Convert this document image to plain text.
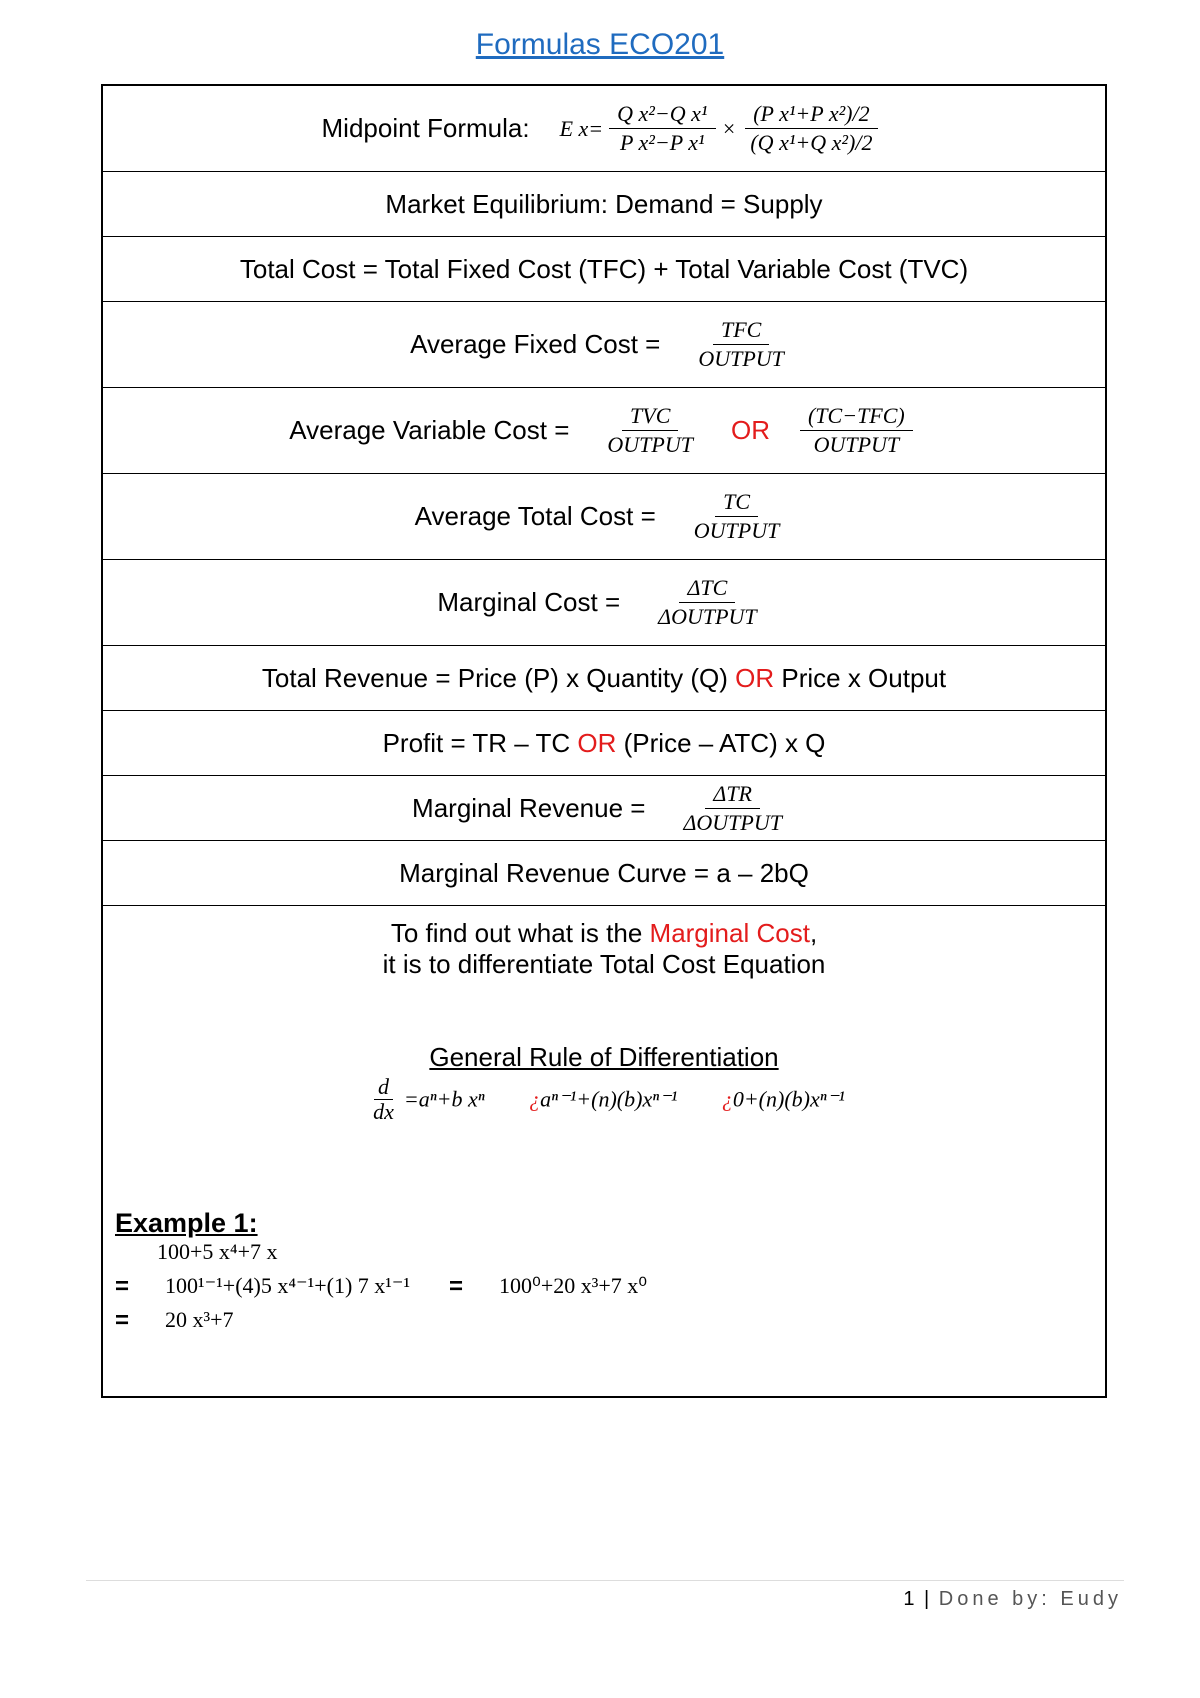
Formulas ECO201
Midpoint Formula: E $x= \frac{\text{Q x²−Q x¹}}{\text{P x²−P x¹}} \times \frac{\text{(P x¹+P x²)/2}}{\text{(Q x¹+Q x²)/2}}$
Market Equilibrium: Demand = Supply
Total Cost = Total Fixed Cost (TFC) + Total Variable Cost (TVC)
Average Fixed Cost = $\frac{\text{TFC}}{\text{OUTPUT}}$
Average Variable Cost = $\frac{\text{TVC}}{\text{OUTPUT}}$ OR $\frac{\text{(TC−TFC)}}{\text{OUTPUT}}$
Average Total Cost = $\frac{TC}{\text{OUTPUT}}$
Marginal Cost = $\frac{\text{ΔTC}}{\text{ΔOUTPUT}}$
Total Revenue = Price (P) x Quantity (Q)
OR
Price x Output
Profit = TR – TC
OR
(Price – ATC) x Q
Marginal Revenue = $\frac{\text{ΔTR}}{\text{ΔOUTPUT}}$
Marginal Revenue Curve = a – 2bQ
To find out what is the Marginal Cost,
it is to differentiate Total Cost Equation
General Rule of Differentiation
$\frac{d}{dx} =a^n+b$ xⁿ ¿aⁿ⁻¹+(n)(b)xⁿ⁻¹ ¿0+(n)(b)xⁿ⁻¹
Example 1:
100+5 x⁴+7 x
= 100¹⁻¹+(4)5 x⁴⁻¹+(1) 7 x¹⁻¹ = 100⁰+20 x³+7 x⁰
= 20 x³+7
1 | Done by: Eudy
